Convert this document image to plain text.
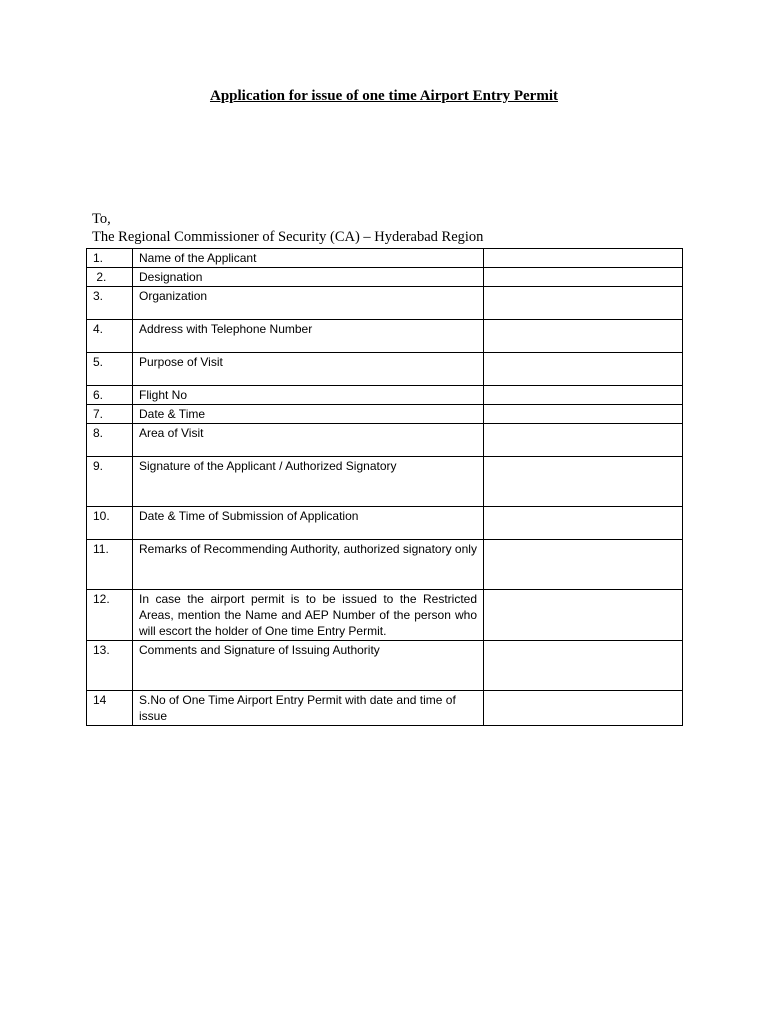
Application for issue of one time Airport Entry Permit
To,
The Regional Commissioner of Security (CA) – Hyderabad Region
1.	Name of the Applicant	
2.	Designation	
3.	Organization	
4.	Address with Telephone Number	
5.	Purpose of Visit	
6.	Flight No	
7.	Date & Time	
8.	Area of Visit	
9.	Signature of the Applicant / Authorized Signatory	
10.	Date & Time of Submission of Application	
11.	Remarks of Recommending Authority, authorized signatory only	
12.	In case the airport permit is to be issued to the Restricted Areas, mention the Name and AEP Number of the person who will escort the holder of One time Entry Permit.	
13.	Comments and Signature of Issuing Authority	
14	S.No of One Time Airport Entry Permit with date and time of issue	
